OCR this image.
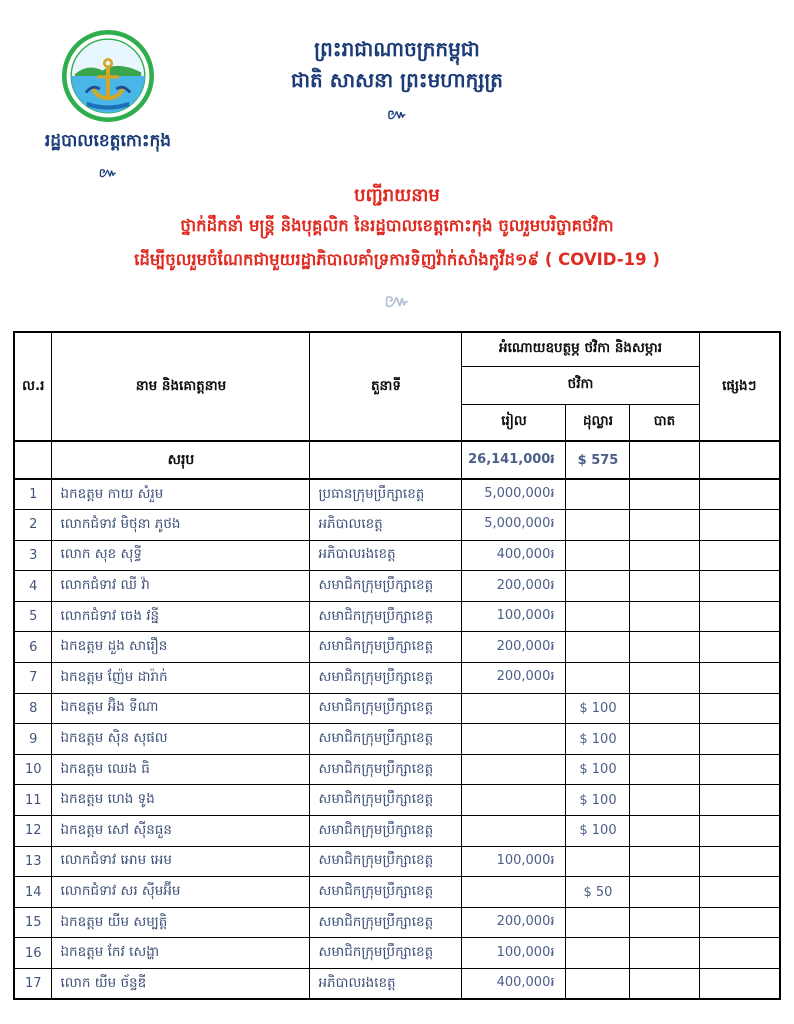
រដ្ឋបាលខេត្តកោះកុង
៚
ព្រះរាជាណាចក្រកម្ពុជា
ជាតិ សាសនា ព្រះមហាក្សត្រ
៚
បញ្ជីរាយនាម
ថ្នាក់ដឹកនាំ មន្ត្រី និងបុគ្គលិក នៃរដ្ឋបាលខេត្តកោះកុង ចូលរួមបរិច្ចាគថវិកា
ដើម្បីចូលរួមចំណែកជាមួយរដ្ឋាភិបាលគាំទ្រការទិញវ៉ាក់សាំងកូវីដ១៩ ( COVID-19 )
៚
ល.រ	នាម និងគោត្តនាម	តួនាទី	អំណោយឧបត្ថម្ភ ថវិកា និងសម្ភារ			ផ្សេងៗ
			ថវិកា			
			រៀល	ដុល្លារ	បាត	
	សរុប		26,141,000៛	$ 575		
1	ឯកឧត្តម កាយ សំរួម	ប្រធានក្រុមប្រឹក្សាខេត្ត	5,000,000៛			
2	លោកជំទាវ មិថុនា ភូថង	អភិបាលខេត្ត	5,000,000៛			
3	លោក សុខ សុទ្ធី	អភិបាលរងខេត្ត	400,000៛			
4	លោកជំទាវ ឈី វ៉ា	សមាជិកក្រុមប្រឹក្សាខេត្ត	200,000៛			
5	លោកជំទាវ ចេង វន្នី	សមាជិកក្រុមប្រឹក្សាខេត្ត	100,000៛			
6	ឯកឧត្តម ដួង សារឿន	សមាជិកក្រុមប្រឹក្សាខេត្ត	200,000៛			
7	ឯកឧត្តម ញ៉ែម ដារ៉ាក់	សមាជិកក្រុមប្រឹក្សាខេត្ត	200,000៛			
8	ឯកឧត្តម អ៊ិង ទីណា	សមាជិកក្រុមប្រឹក្សាខេត្ត		$ 100		
9	ឯកឧត្តម ស៊ិន សុផល	សមាជិកក្រុមប្រឹក្សាខេត្ត		$ 100		
10	ឯកឧត្តម ឈេង ធិ	សមាជិកក្រុមប្រឹក្សាខេត្ត		$ 100		
11	ឯកឧត្តម ហេង ទូង	សមាជិកក្រុមប្រឹក្សាខេត្ត		$ 100		
12	ឯកឧត្តម សៅ ស៊ីនធួន	សមាជិកក្រុមប្រឹក្សាខេត្ត		$ 100		
13	លោកជំទាវ អោម អេម	សមាជិកក្រុមប្រឹក្សាខេត្ត	100,000៛			
14	លោកជំទាវ សរ ស៊ីមអ៊ីម	សមាជិកក្រុមប្រឹក្សាខេត្ត		$ 50		
15	ឯកឧត្តម យីម សម្បត្តិ	សមាជិកក្រុមប្រឹក្សាខេត្ត	200,000៛			
16	ឯកឧត្តម កែវ សេង្ហា	សមាជិកក្រុមប្រឹក្សាខេត្ត	100,000៛			
17	លោក យីម ច័ន្ទឌី	អភិបាលរងខេត្ត	400,000៛			
